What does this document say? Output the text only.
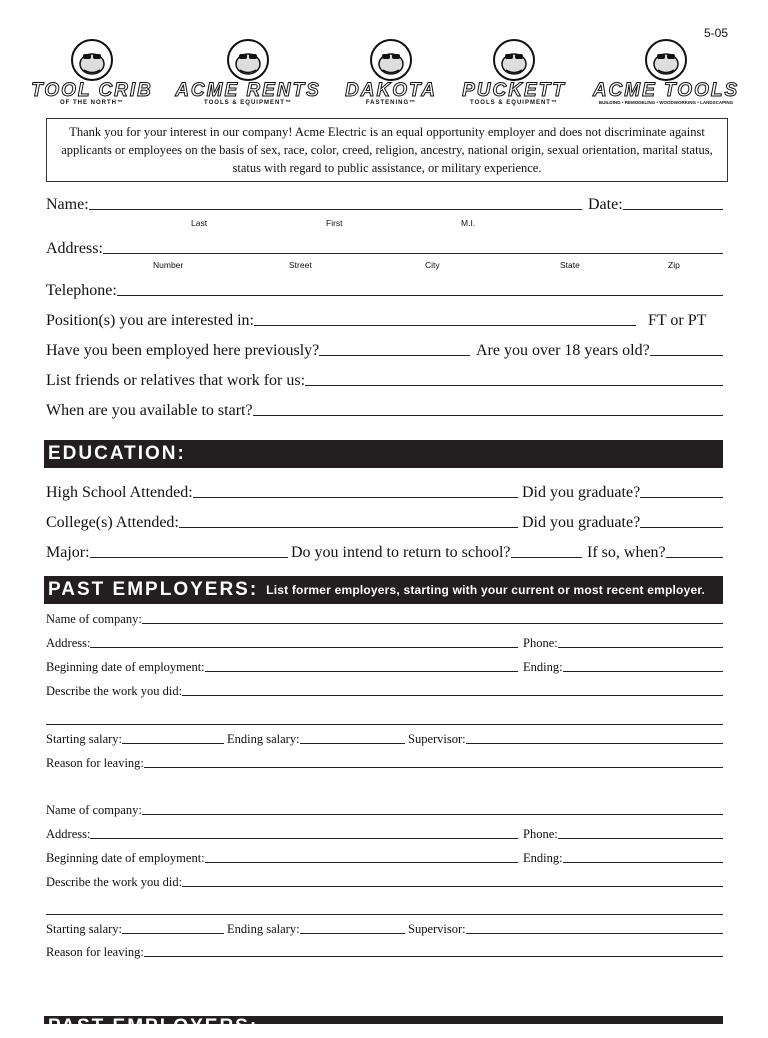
5-05
TOOL CRIB
OF THE NORTH™
ACME RENTS
TOOLS & EQUIPMENT™
DAKOTA
FASTENING™
PUCKETT
TOOLS & EQUIPMENT™
ACME TOOLS
BUILDING • REMODELING • WOODWORKING • LANDSCAPING
Thank you for your interest in our company! Acme Electric is an equal opportunity employer and does not discriminate against applicants or employees on the basis of sex, race, color, creed, religion, ancestry, national origin, sexual orientation, marital status, status with regard to public assistance, or military experience.
Name:	Date:
Last	First	M.I.
Address:
Number	Street	City	State	Zip
Telephone:
Position(s) you are interested in:	FT or PT
Have you been employed here previously?	Are you over 18 years old?
List friends or relatives that work for us:
When are you available to start?
EDUCATION:
High School Attended:	Did you graduate?
College(s) Attended:	Did you graduate?
Major:	Do you intend to return to school?	If so, when?
PAST EMPLOYERS: List former employers, starting with your current or most recent employer.
Name of company:
Address:	Phone:
Beginning date of employment:	Ending:
Describe the work you did:
Starting salary:	Ending salary:	Supervisor:
Reason for leaving:
Name of company:
Address:	Phone:
Beginning date of employment:	Ending:
Describe the work you did:
Starting salary:	Ending salary:	Supervisor:
Reason for leaving:
PAST EMPLOYERS:
